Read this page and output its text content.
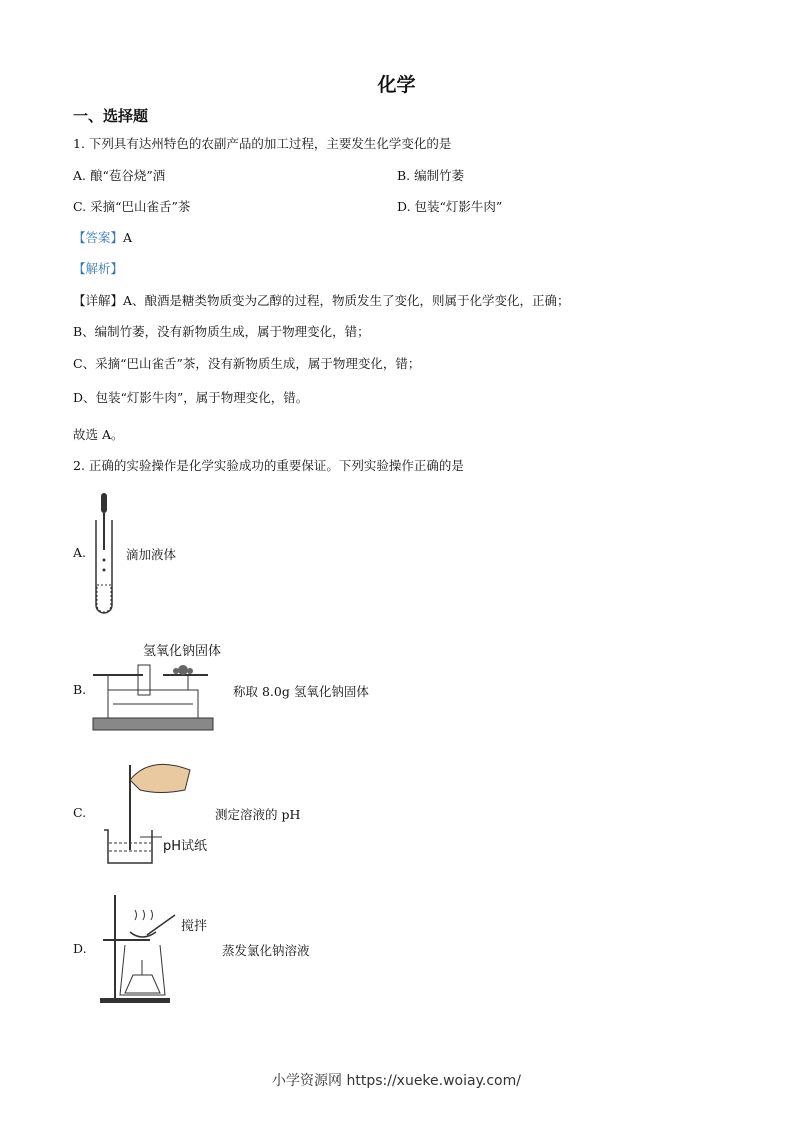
化学
一、选择题
1. 下列具有达州特色的农副产品的加工过程，主要发生化学变化的是
A. 酿“苞谷烧”酒	B. 编制竹萎
C. 采摘“巴山雀舌”茶	D. 包装“灯影牛肉”
【答案】A
【解析】
【详解】A、酿酒是糖类物质变为乙醇的过程，物质发生了变化，则属于化学变化，正确；
B、编制竹萎，没有新物质生成，属于物理变化，错；
C、采摘“巴山雀舌”茶，没有新物质生成，属于物理变化，错；
D、包装“灯影牛肉”，属于物理变化，错。
故选 A。
2. 正确的实验操作是化学实验成功的重要保证。下列实验操作正确的是
A.	滴加液体
B.
氢氧化钠固体
称取 8.0g 氢氧化钠固体
C.
pH试纸
测定溶液的 pH
D.
搅拌
蒸发氯化钠溶液
小学资源网 https://xueke.woiay.com/
